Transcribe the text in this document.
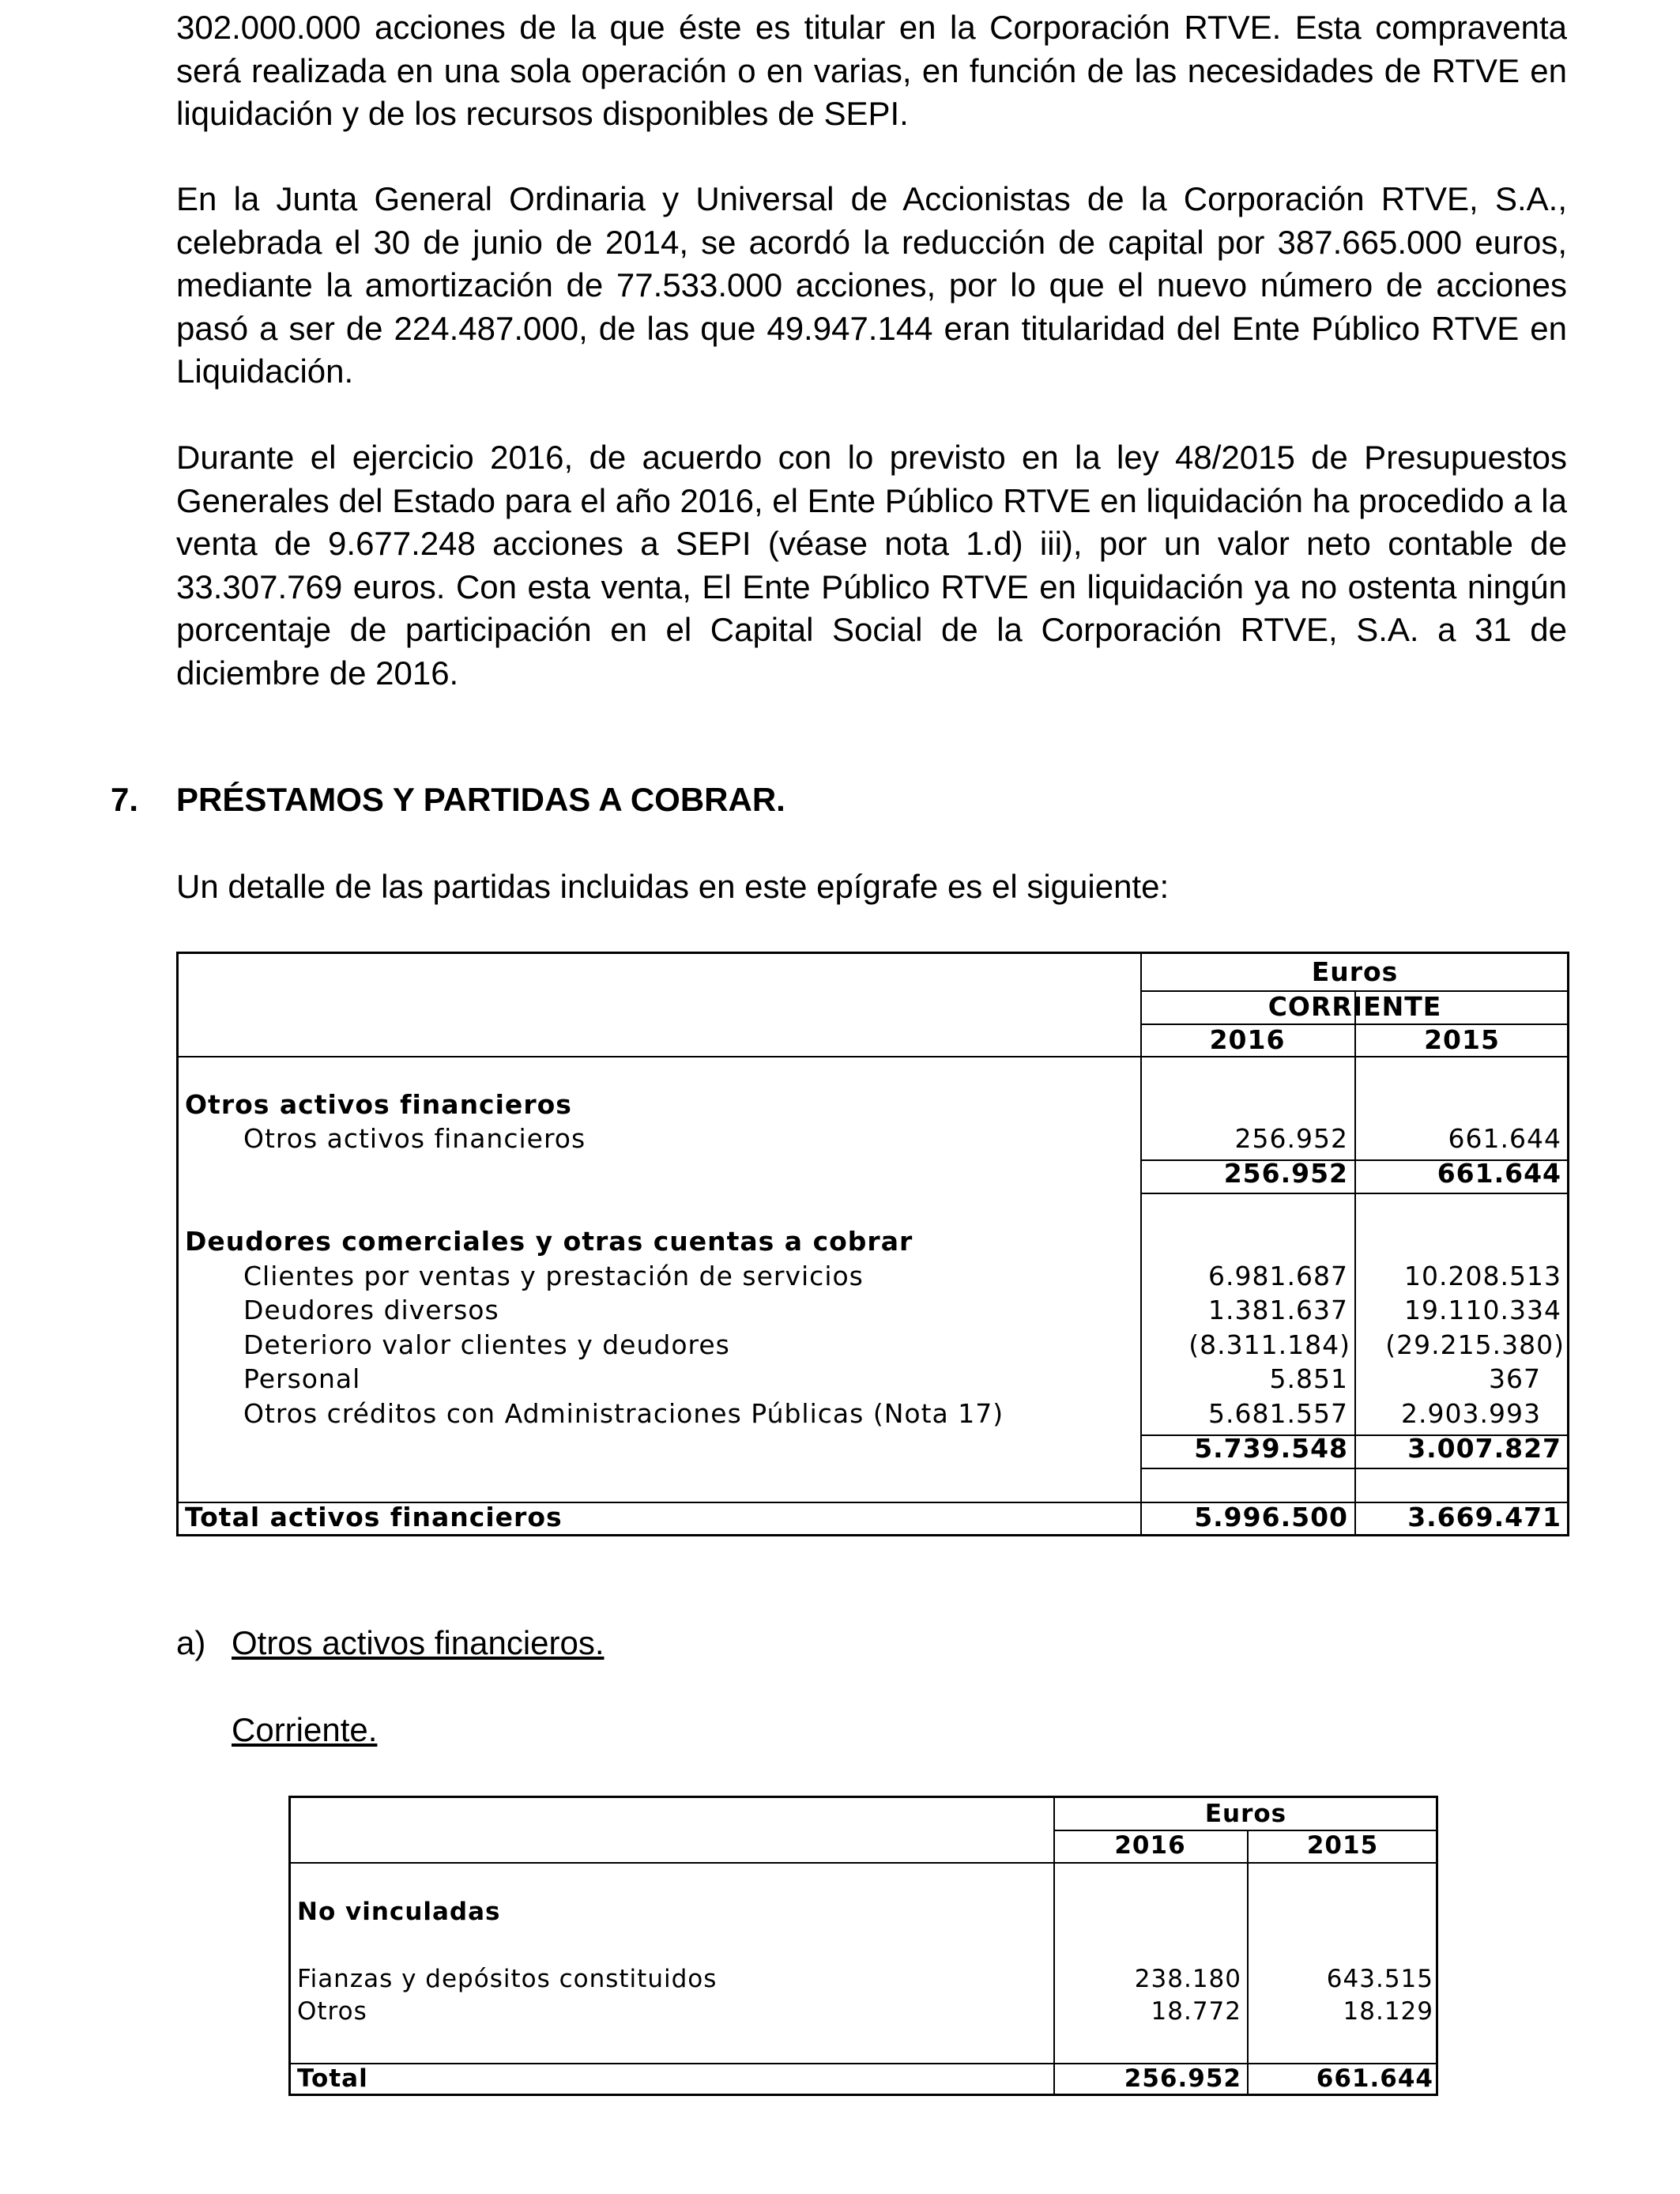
302.000.000 acciones de la que éste es titular en la Corporación RTVE. Esta compraventa será realizada en una sola operación o en varias, en función de las necesidades de RTVE en liquidación y de los recursos disponibles de SEPI.

En la Junta General Ordinaria y Universal de Accionistas de la Corporación RTVE, S.A., celebrada el 30 de junio de 2014, se acordó la reducción de capital por 387.665.000 euros, mediante la amortización de 77.533.000 acciones, por lo que el nuevo número de acciones pasó a ser de 224.487.000, de las que 49.947.144 eran titularidad del Ente Público RTVE en Liquidación.

Durante el ejercicio 2016, de acuerdo con lo previsto en la ley 48/2015 de Presupuestos Generales del Estado para el año 2016, el Ente Público RTVE en liquidación ha procedido a la venta de 9.677.248 acciones a SEPI (véase nota 1.d) iii), por un valor neto contable de 33.307.769 euros. Con esta venta, El Ente Público RTVE en liquidación ya no ostenta ningún porcentaje de participación en el Capital Social de la Corporación RTVE, S.A. a 31 de diciembre de 2016.

7. PRÉSTAMOS Y PARTIDAS A COBRAR.
Un detalle de las partidas incluidas en este epígrafe es el siguiente:
Euros
CORRIENTE
2016	2015
Otros activos financieros
Otros activos financieros	256.952	661.644
256.952	661.644
Deudores comerciales y otras cuentas a cobrar
Clientes por ventas y prestación de servicios	6.981.687	10.208.513
Deudores diversos	1.381.637	19.110.334
Deterioro valor clientes y deudores	(8.311.184)	(29.215.380)
Personal	5.851	367
Otros créditos con Administraciones Públicas (Nota 17)	5.681.557	2.903.993
5.739.548	3.007.827
Total activos financieros	5.996.500	3.669.471
a) Otros activos financieros.
Corriente.
Euros
2016	2015
No vinculadas
Fianzas y depósitos constituidos	238.180	643.515
Otros	18.772	18.129
Total	256.952	661.644
